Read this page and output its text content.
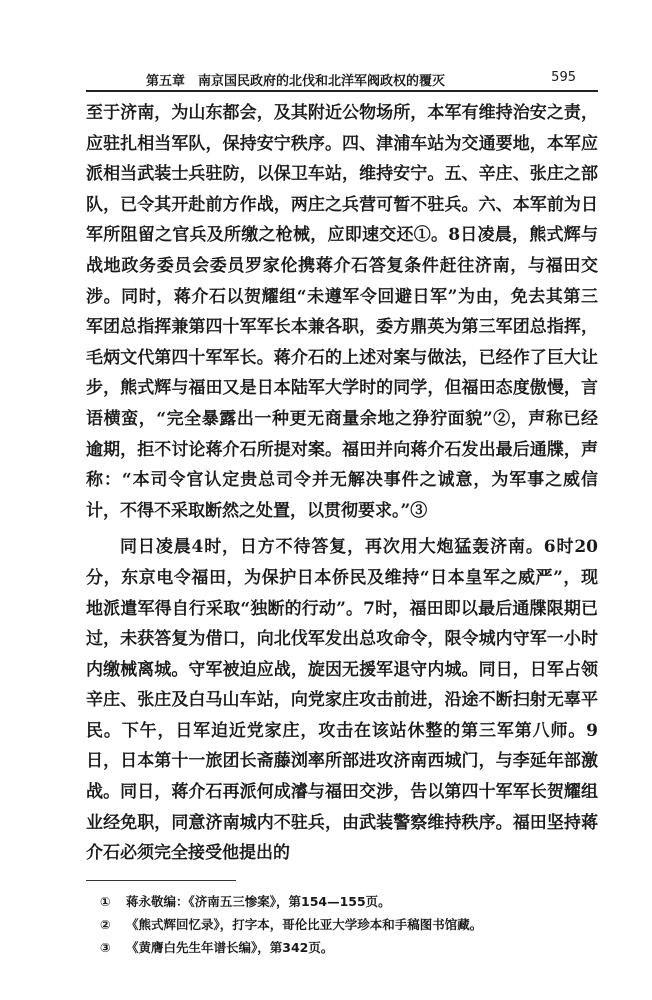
第五章　南京国民政府的北伐和北洋军阀政权的覆灭	595

至于济南，为山东都会，及其附近公物场所，本军有维持治安之责，应驻扎相当军队，保持安宁秩序。四、津浦车站为交通要地，本军应派相当武装士兵驻防，以保卫车站，维持安宁。五、辛庄、张庄之部队，已令其开赴前方作战，两庄之兵营可暂不驻兵。六、本军前为日军所阻留之官兵及所缴之枪械，应即速交还①。8日凌晨，熊式辉与战地政务委员会委员罗家伦携蒋介石答复条件赶往济南，与福田交涉。同时，蒋介石以贺耀组“未遵军令回避日军”为由，免去其第三军团总指挥兼第四十军军长本兼各职，委方鼎英为第三军团总指挥，毛炳文代第四十军军长。蒋介石的上述对案与做法，已经作了巨大让步，熊式辉与福田又是日本陆军大学时的同学，但福田态度傲慢，言语横蛮，“完全暴露出一种更无商量余地之狰狞面貌”②，声称已经逾期，拒不讨论蒋介石所提对案。福田并向蒋介石发出最后通牒，声称：“本司令官认定贵总司令并无解决事件之诚意，为军事之威信计，不得不采取断然之处置，以贯彻要求。”③

同日凌晨4时，日方不待答复，再次用大炮猛轰济南。6时20分，东京电令福田，为保护日本侨民及维持“日本皇军之威严”，现地派遣军得自行采取“独断的行动”。7时，福田即以最后通牒限期已过，未获答复为借口，向北伐军发出总攻命令，限令城内守军一小时内缴械离城。守军被迫应战，旋因无援军退守内城。同日，日军占领辛庄、张庄及白马山车站，向党家庄攻击前进，沿途不断扫射无辜平民。下午，日军迫近党家庄，攻击在该站休整的第三军第八师。9日，日本第十一旅团长斋藤浏率所部进攻济南西城门，与李延年部激战。同日，蒋介石再派何成濬与福田交涉，告以第四十军军长贺耀组业经免职，同意济南城内不驻兵，由武装警察维持秩序。福田坚持蒋介石必须完全接受他提出的

①	蒋永敬编：《济南五三惨案》，第154—155页。
②	《熊式辉回忆录》，打字本，哥伦比亚大学珍本和手稿图书馆藏。
③	《黄膺白先生年谱长编》，第342页。
